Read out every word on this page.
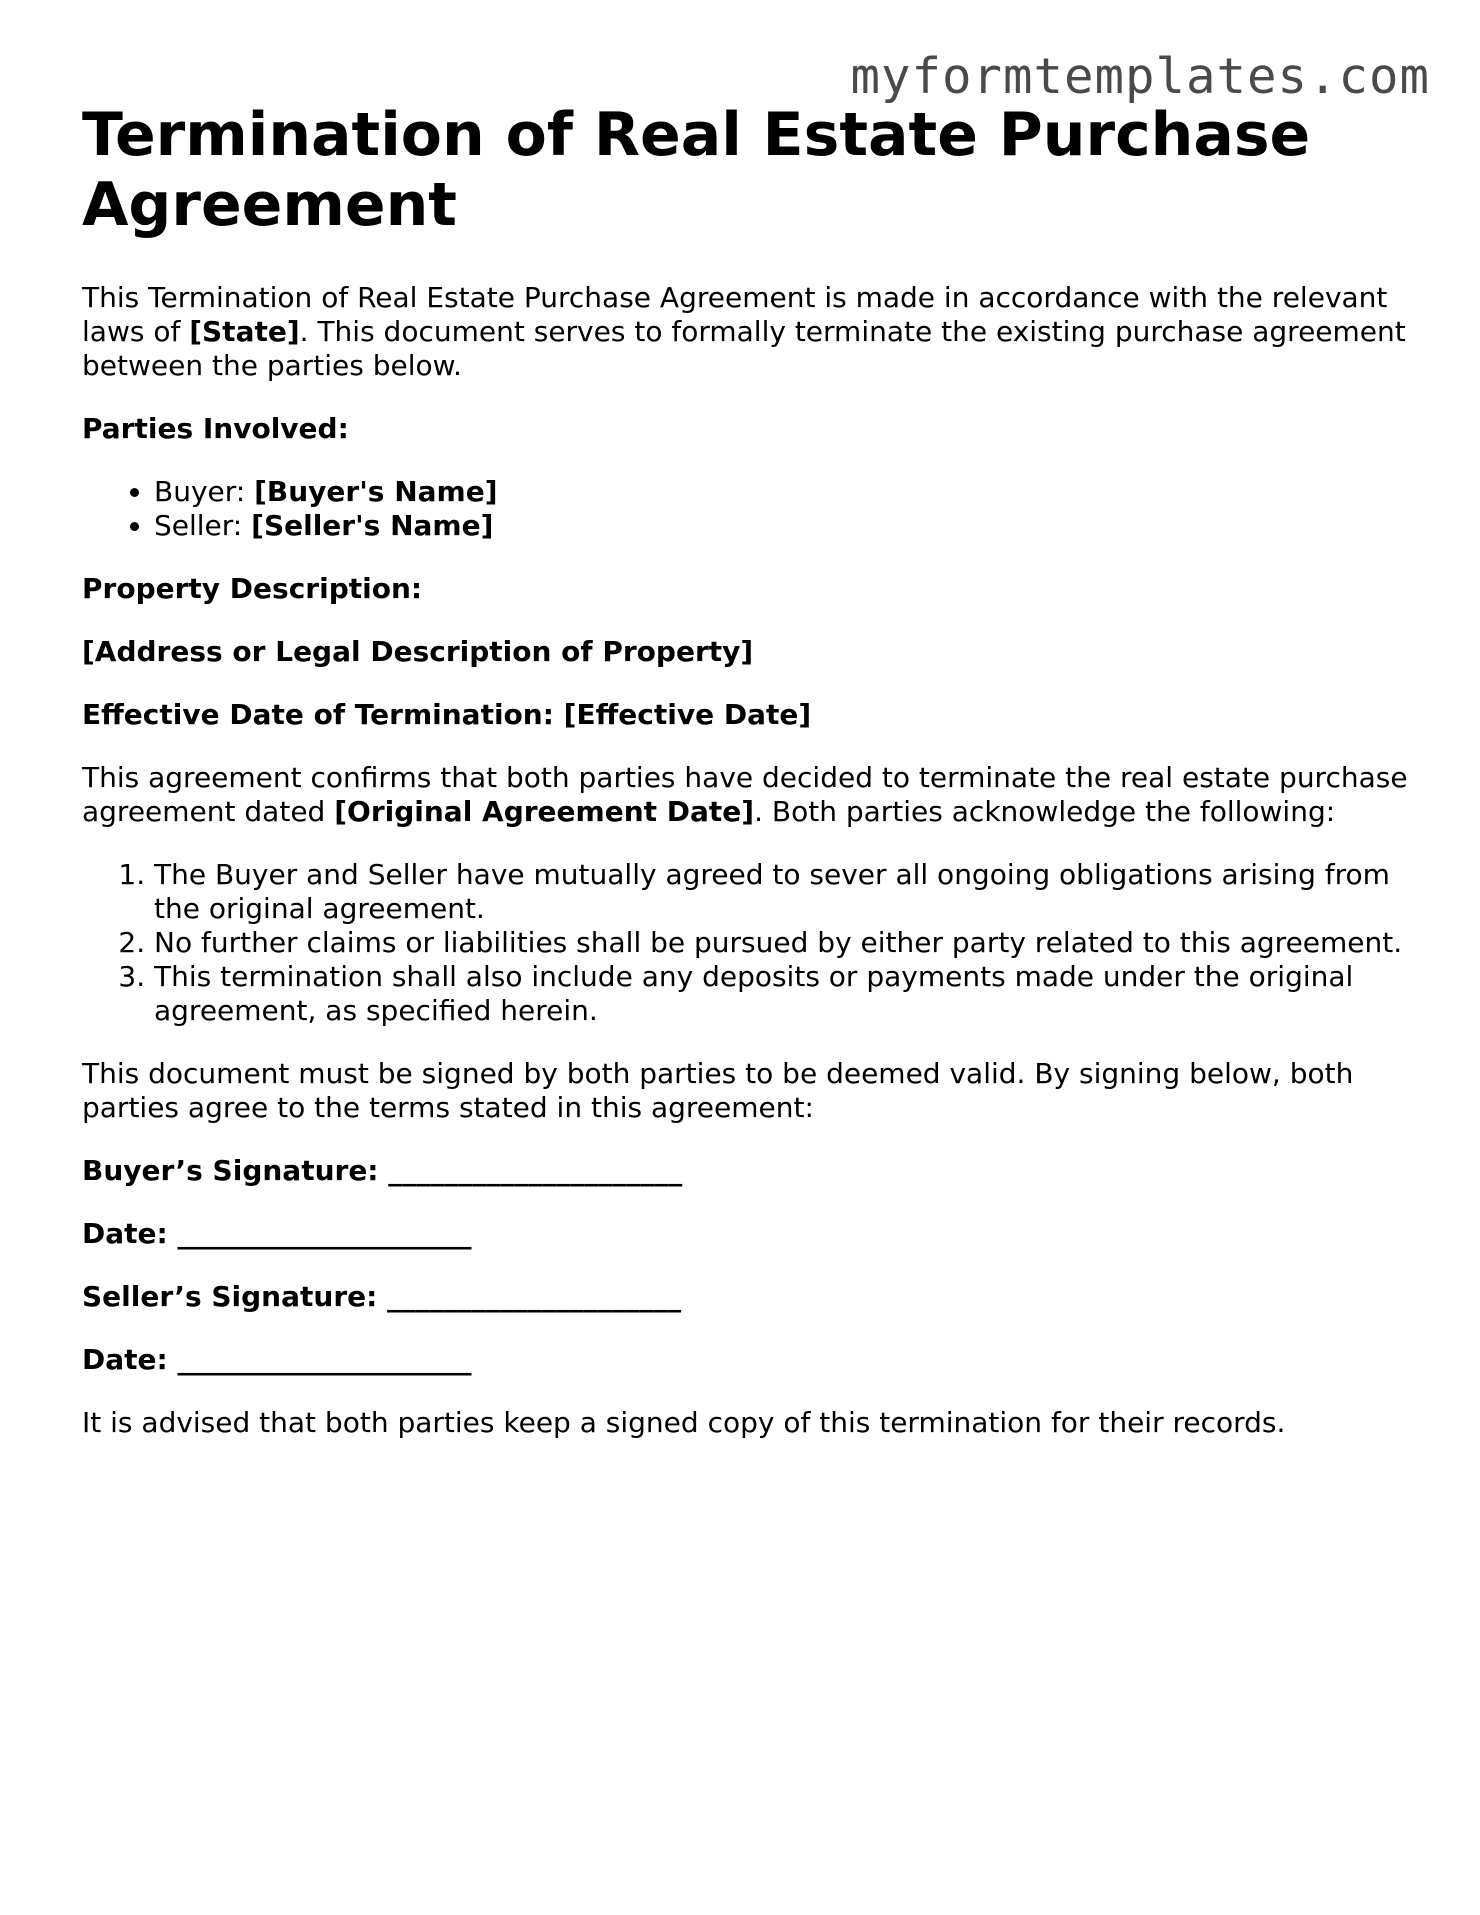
myformtemplates.com
Termination of Real Estate Purchase Agreement

This Termination of Real Estate Purchase Agreement is made in accordance with the relevant laws of [State]. This document serves to formally terminate the existing purchase agreement between the parties below.

Parties Involved:

• Buyer: [Buyer's Name]
• Seller: [Seller's Name]

Property Description:

[Address or Legal Description of Property]

Effective Date of Termination: [Effective Date]

This agreement confirms that both parties have decided to terminate the real estate purchase agreement dated [Original Agreement Date]. Both parties acknowledge the following:

1. The Buyer and Seller have mutually agreed to sever all ongoing obligations arising from the original agreement.
2. No further claims or liabilities shall be pursued by either party related to this agreement.
3. This termination shall also include any deposits or payments made under the original agreement, as specified herein.

This document must be signed by both parties to be deemed valid. By signing below, both parties agree to the terms stated in this agreement:

Buyer’s Signature: _____________________

Date: _____________________

Seller’s Signature: _____________________

Date: _____________________

It is advised that both parties keep a signed copy of this termination for their records.
